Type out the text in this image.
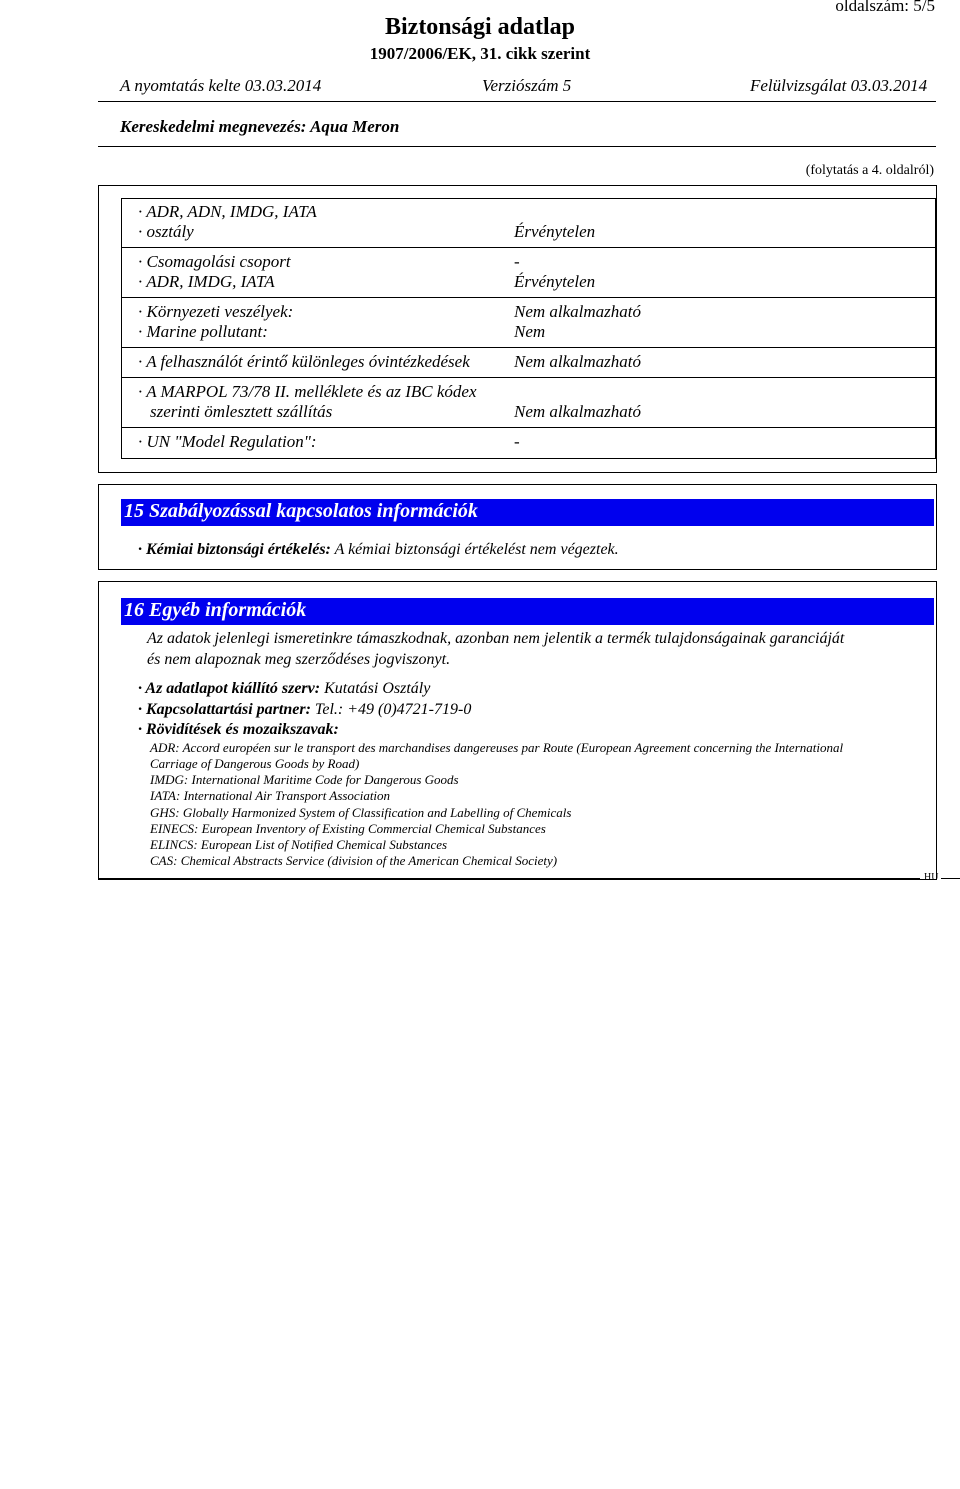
oldalszám: 5/5
Biztonsági adatlap
1907/2006/EK, 31. cikk szerint
A nyomtatás kelte 03.03.2014	Verziószám 5	Felülvizsgálat 03.03.2014
Kereskedelmi megnevezés: Aqua Meron
(folytatás a 4. oldalról)
· ADR, ADN, IMDG, IATA
· osztály	Érvénytelen
· Csomagolási csoport	-
· ADR, IMDG, IATA	Érvénytelen
· Környezeti veszélyek:	Nem alkalmazható
· Marine pollutant:	Nem
· A felhasználót érintő különleges óvintézkedések	Nem alkalmazható
· A MARPOL 73/78 II. melléklete és az IBC kódex
szerinti ömlesztett szállítás	Nem alkalmazható
· UN "Model Regulation":	-
15 Szabályozással kapcsolatos információk
· Kémiai biztonsági értékelés: A kémiai biztonsági értékelést nem végeztek.
16 Egyéb információk
Az adatok jelenlegi ismeretinkre támaszkodnak, azonban nem jelentik a termék tulajdonságainak garanciáját
és nem alapoznak meg szerződéses jogviszonyt.
· Az adatlapot kiállító szerv: Kutatási Osztály
· Kapcsolattartási partner: Tel.: +49 (0)4721-719-0
· Rövidítések és mozaikszavak:
ADR: Accord européen sur le transport des marchandises dangereuses par Route (European Agreement concerning the International
Carriage of Dangerous Goods by Road)
IMDG: International Maritime Code for Dangerous Goods
IATA: International Air Transport Association
GHS: Globally Harmonized System of Classification and Labelling of Chemicals
EINECS: European Inventory of Existing Commercial Chemical Substances
ELINCS: European List of Notified Chemical Substances
CAS: Chemical Abstracts Service (division of the American Chemical Society)
HU
